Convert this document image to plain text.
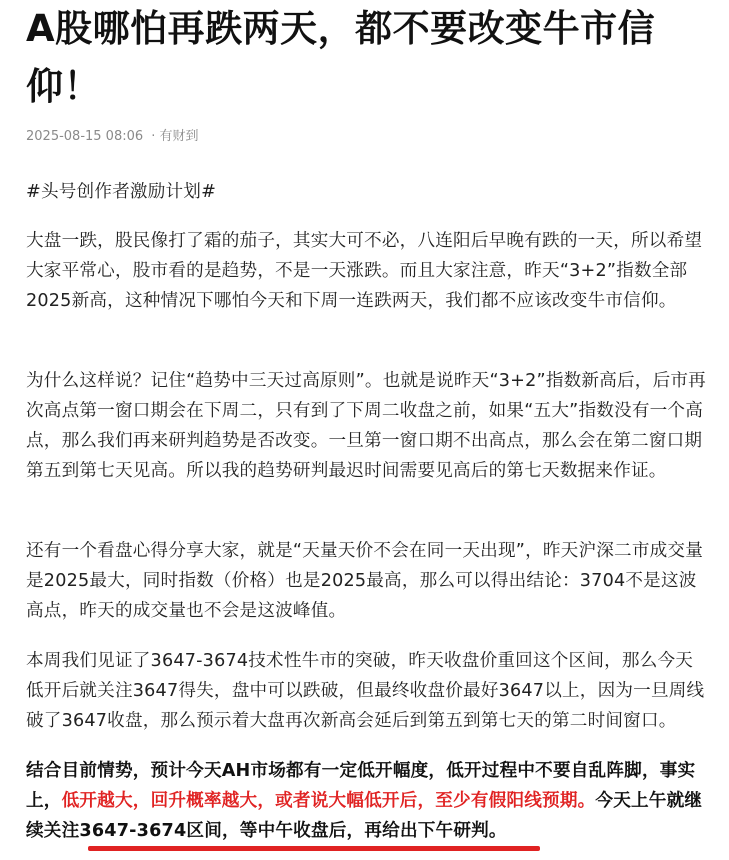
A股哪怕再跌两天，都不要改变牛市信仰！
2025-08-15 08:06 · 有财到

#头号创作者激励计划#

大盘一跌，股民像打了霜的茄子，其实大可不必，八连阳后早晚有跌的一天，所以希望大家平常心，股市看的是趋势，不是一天涨跌。而且大家注意，昨天“3+2”指数全部2025新高，这种情况下哪怕今天和下周一连跌两天，我们都不应该改变牛市信仰。

为什么这样说？记住“趋势中三天过高原则”。也就是说昨天“3+2”指数新高后，后市再次高点第一窗口期会在下周二，只有到了下周二收盘之前，如果“五大”指数没有一个高点，那么我们再来研判趋势是否改变。一旦第一窗口期不出高点，那么会在第二窗口期第五到第七天见高。所以我的趋势研判最迟时间需要见高后的第七天数据来作证。

还有一个看盘心得分享大家，就是“天量天价不会在同一天出现”，昨天沪深二市成交量是2025最大，同时指数（价格）也是2025最高，那么可以得出结论：3704不是这波高点，昨天的成交量也不会是这波峰值。

本周我们见证了3647-3674技术性牛市的突破，昨天收盘价重回这个区间，那么今天低开后就关注3647得失，盘中可以跌破，但最终收盘价最好3647以上，因为一旦周线破了3647收盘，那么预示着大盘再次新高会延后到第五到第七天的第二时间窗口。

结合目前情势，预计今天AH市场都有一定低开幅度，低开过程中不要自乱阵脚，事实上，低开越大，回升概率越大，或者说大幅低开后，至少有假阳线预期。今天上午就继续关注3647-3674区间，等中午收盘后，再给出下午研判。
